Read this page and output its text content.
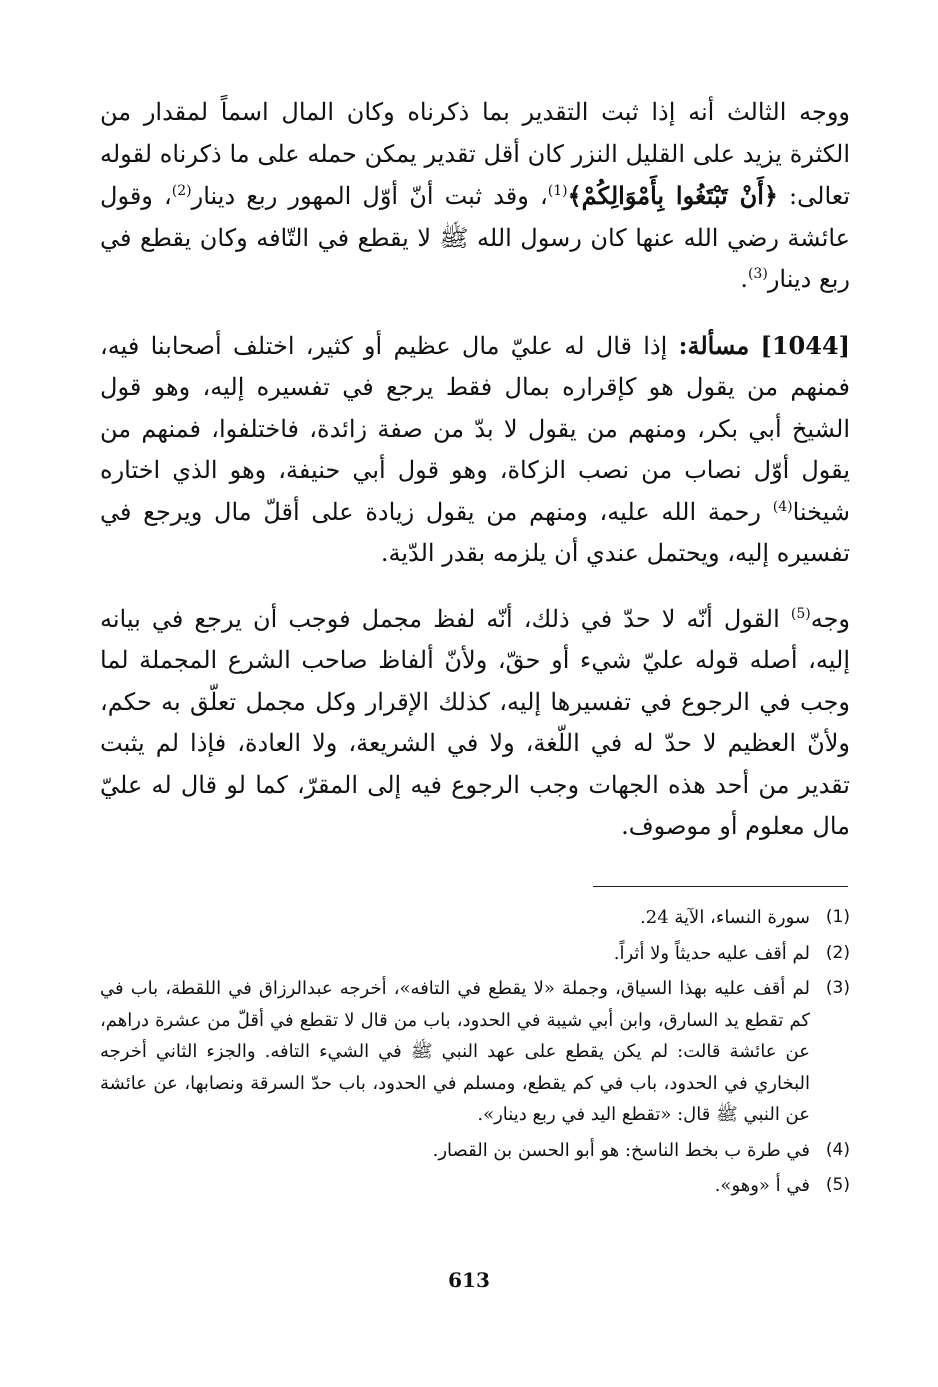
ووجه الثالث أنه إذا ثبت التقدير بما ذكرناه وكان المال اسماً لمقدار من الكثرة يزيد على القليل النزر كان أقل تقدير يمكن حمله على ما ذكرناه لقوله تعالى: ﴿أَنْ تَبْتَغُوا بِأَمْوَالِكُمْ﴾$^{(1)}$، وقد ثبت أنّ أوّل المهور ربع دينار$^{(2)}$، وقول عائشة رضي الله عنها كان رسول الله ﷺ لا يقطع في التّافه وكان يقطع في ربع دينار$^{(3)}$.

[1044] مسألة: إذا قال له عليّ مال عظيم أو كثير، اختلف أصحابنا فيه، فمنهم من يقول هو كإقراره بمال فقط يرجع في تفسيره إليه، وهو قول الشيخ أبي بكر، ومنهم من يقول لا بدّ من صفة زائدة، فاختلفوا، فمنهم من يقول أوّل نصاب من نصب الزكاة، وهو قول أبي حنيفة، وهو الذي اختاره شيخنا$^{(4)}$ رحمة الله عليه، ومنهم من يقول زيادة على أقلّ مال ويرجع في تفسيره إليه، ويحتمل عندي أن يلزمه بقدر الدّية.

وجه$^{(5)}$ القول أنّه لا حدّ في ذلك، أنّه لفظ مجمل فوجب أن يرجع في بيانه إليه، أصله قوله عليّ شيء أو حقّ، ولأنّ ألفاظ صاحب الشرع المجملة لما وجب في الرجوع في تفسيرها إليه، كذلك الإقرار وكل مجمل تعلّق به حكم، ولأنّ العظيم لا حدّ له في اللّغة، ولا في الشريعة، ولا العادة، فإذا لم يثبت تقدير من أحد هذه الجهات وجب الرجوع فيه إلى المقرّ، كما لو قال له عليّ مال معلوم أو موصوف.

(1)
سورة النساء، الآية 24.
(2)
لم أقف عليه حديثاً ولا أثراً.
(3)
لم أقف عليه بهذا السياق، وجملة «لا يقطع في التافه»، أخرجه عبدالرزاق في اللقطة، باب في كم تقطع يد السارق، وابن أبي شيبة في الحدود، باب من قال لا تقطع في أقلّ من عشرة دراهم، عن عائشة قالت: لم يكن يقطع على عهد النبي ﷺ في الشيء التافه. والجزء الثاني أخرجه البخاري في الحدود، باب في كم يقطع، ومسلم في الحدود، باب حدّ السرقة ونصابها، عن عائشة عن النبي ﷺ قال: «تقطع اليد في ربع دينار».
(4)
في طرة ب بخط الناسخ: هو أبو الحسن بن القصار.
(5)
في أ «وهو».
613
